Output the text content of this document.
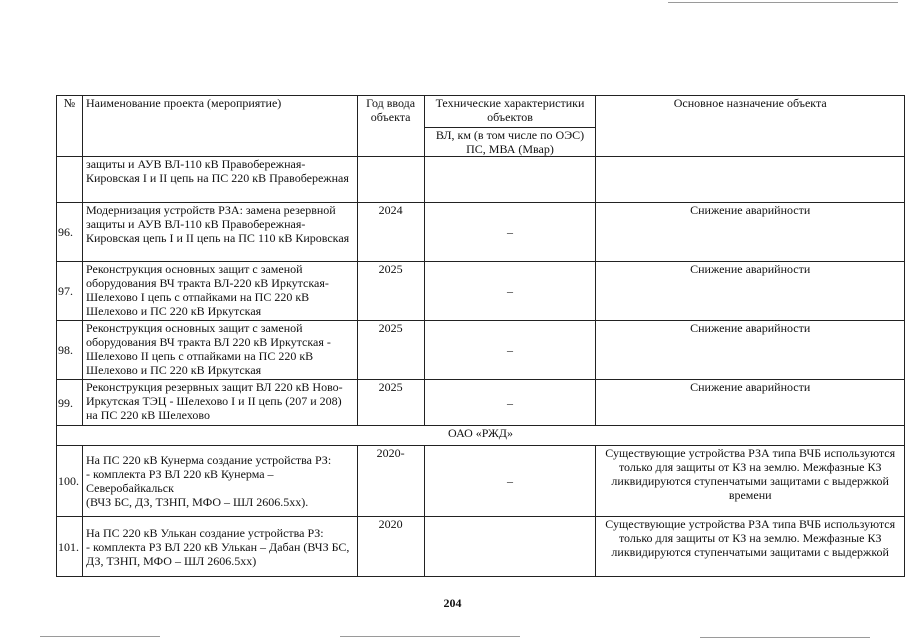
№	Наименование проекта (мероприятие)	Год ввода объекта	Технические характеристики объектов	Основное назначение объекта
			ВЛ, км (в том числе по ОЭС) ПС, МВА (Мвар)	
	защиты и АУВ ВЛ-110 кВ Правобережная-Кировская I и II цепь на ПС 220 кВ Правобережная			
96.	Модернизация устройств РЗА: замена резервной защиты и АУВ ВЛ-110 кВ Правобережная-Кировская цепь I и II цепь на ПС 110 кВ Кировская	2024	–	Снижение аварийности
97.	Реконструкция основных защит с заменой оборудования ВЧ тракта ВЛ-220 кВ Иркутская-Шелехово I цепь с отпайками на ПС 220 кВ Шелехово и ПС 220 кВ Иркутская	2025	–	Снижение аварийности
98.	Реконструкция основных защит с заменой оборудования ВЧ тракта ВЛ 220 кВ Иркутская - Шелехово II цепь с отпайками на ПС 220 кВ Шелехово и ПС 220 кВ Иркутская	2025	–	Снижение аварийности
99.	Реконструкция резервных защит ВЛ 220 кВ Ново-Иркутская ТЭЦ - Шелехово I и II цепь (207 и 208) на ПС 220 кВ Шелехово	2025	–	Снижение аварийности
ОАО «РЖД»				
100.	На ПС 220 кВ Кунерма создание устройства РЗ:
- комплекта РЗ ВЛ 220 кВ Кунерма – Северобайкальск
(ВЧЗ БС, ДЗ, ТЗНП, МФО – ШЛ 2606.5хх).	2020-	–	Существующие устройства РЗА типа ВЧБ используются только для защиты от КЗ на землю. Межфазные КЗ ликвидируются ступенчатыми защитами с выдержкой времени
101.	На ПС 220 кВ Улькан создание устройства РЗ:
- комплекта РЗ ВЛ 220 кВ Улькан – Дабан (ВЧЗ БС, ДЗ, ТЗНП, МФО – ШЛ 2606.5хх)	2020		Существующие устройства РЗА типа ВЧБ используются только для защиты от КЗ на землю. Межфазные КЗ ликвидируются ступенчатыми защитами с выдержкой
204
